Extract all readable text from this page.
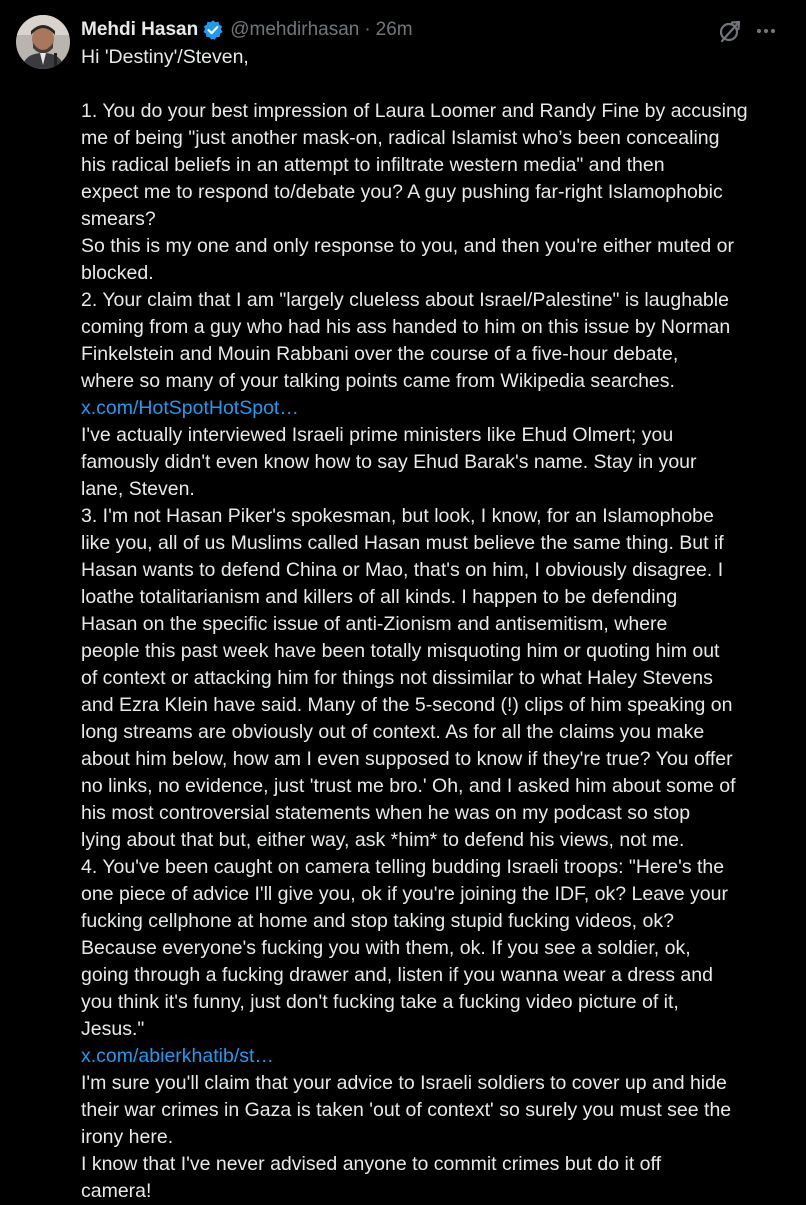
Mehdi Hasan @mehdirhasan · 26m
Hi 'Destiny'/Steven,
1. You do your best impression of Laura Loomer and Randy Fine by accusing
me of being "just another mask-on, radical Islamist who’s been concealing
his radical beliefs in an attempt to infiltrate western media" and then
expect me to respond to/debate you? A guy pushing far-right Islamophobic
smears?
So this is my one and only response to you, and then you're either muted or
blocked.
2. Your claim that I am "largely clueless about Israel/Palestine" is laughable
coming from a guy who had his ass handed to him on this issue by Norman
Finkelstein and Mouin Rabbani over the course of a five-hour debate,
where so many of your talking points came from Wikipedia searches.
x.com/HotSpotHotSpot…
I've actually interviewed Israeli prime ministers like Ehud Olmert; you
famously didn't even know how to say Ehud Barak's name. Stay in your
lane, Steven.
3. I'm not Hasan Piker's spokesman, but look, I know, for an Islamophobe
like you, all of us Muslims called Hasan must believe the same thing. But if
Hasan wants to defend China or Mao, that's on him, I obviously disagree. I
loathe totalitarianism and killers of all kinds. I happen to be defending
Hasan on the specific issue of anti-Zionism and antisemitism, where
people this past week have been totally misquoting him or quoting him out
of context or attacking him for things not dissimilar to what Haley Stevens
and Ezra Klein have said. Many of the 5-second (!) clips of him speaking on
long streams are obviously out of context. As for all the claims you make
about him below, how am I even supposed to know if they're true? You offer
no links, no evidence, just 'trust me bro.' Oh, and I asked him about some of
his most controversial statements when he was on my podcast so stop
lying about that but, either way, ask *him* to defend his views, not me.
4. You've been caught on camera telling budding Israeli troops: "Here's the
one piece of advice I'll give you, ok if you're joining the IDF, ok? Leave your
fucking cellphone at home and stop taking stupid fucking videos, ok?
Because everyone's fucking you with them, ok. If you see a soldier, ok,
going through a fucking drawer and, listen if you wanna wear a dress and
you think it's funny, just don't fucking take a fucking video picture of it,
Jesus."
x.com/abierkhatib/st…
I'm sure you'll claim that your advice to Israeli soldiers to cover up and hide
their war crimes in Gaza is taken 'out of context' so surely you must see the
irony here.
I know that I've never advised anyone to commit crimes but do it off
camera!
